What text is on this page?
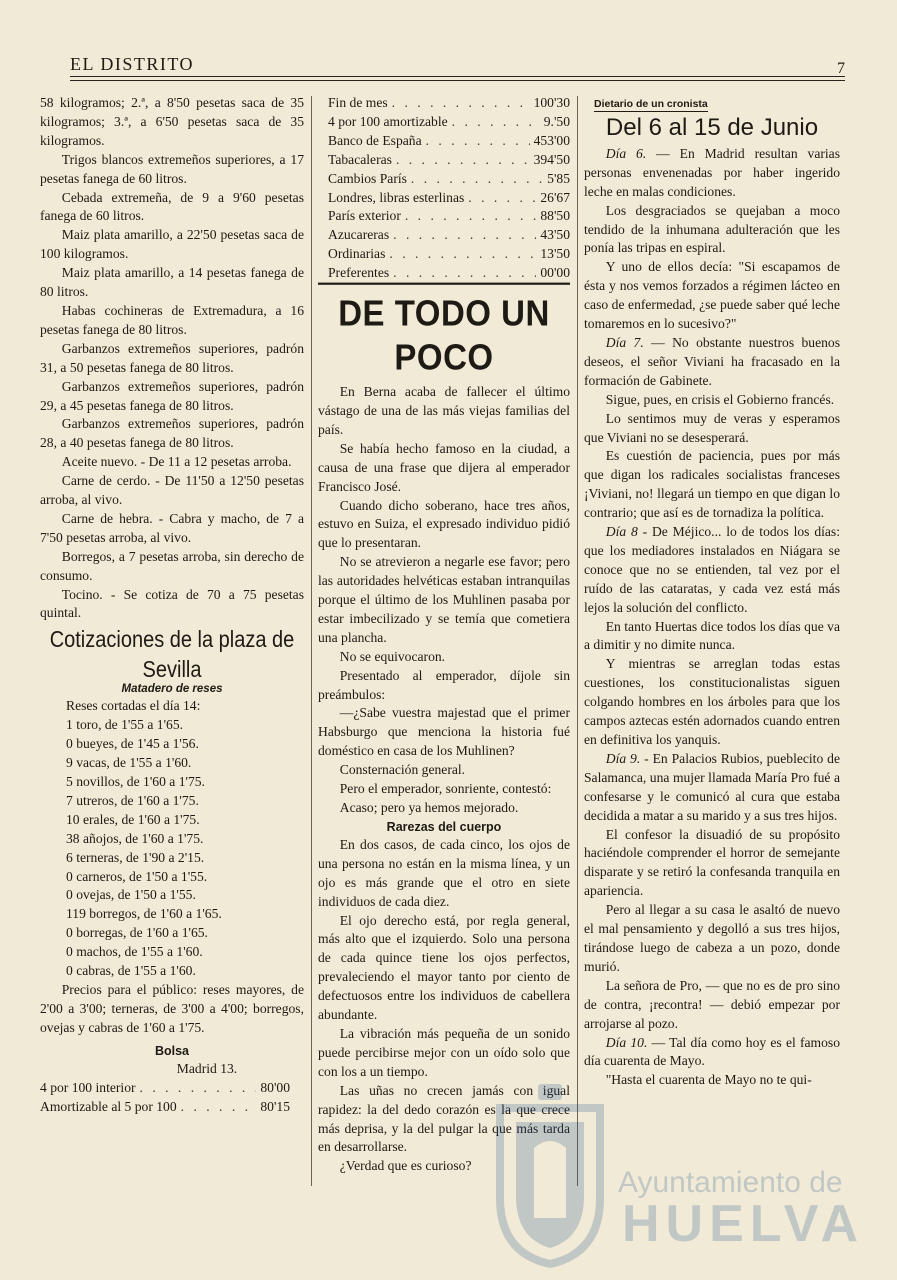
EL DISTRITO	7

58 kilogramos; 2.ª, a 8'50 pesetas saca de 35 kilogramos; 3.ª, a 6'50 pesetas saca de 35 kilogramos.

Trigos blancos extremeños superiores, a 17 pesetas fanega de 60 litros.

Cebada extremeña, de 9 a 9'60 pesetas fanega de 60 litros.

Maiz plata amarillo, a 22'50 pesetas saca de 100 kilogramos.

Maiz plata amarillo, a 14 pesetas fanega de 80 litros.

Habas cochineras de Extremadura, a 16 pesetas fanega de 80 litros.

Garbanzos extremeños superiores, padrón 31, a 50 pesetas fanega de 80 litros.

Garbanzos extremeños superiores, padrón 29, a 45 pesetas fanega de 80 litros.

Garbanzos extremeños superiores, padrón 28, a 40 pesetas fanega de 80 litros.

Aceite nuevo. - De 11 a 12 pesetas arroba.

Carne de cerdo. - De 11'50 a 12'50 pesetas arroba, al vivo.

Carne de hebra. - Cabra y macho, de 7 a 7'50 pesetas arroba, al vivo.

Borregos, a 7 pesetas arroba, sin derecho de consumo.

Tocino. - Se cotiza de 70 a 75 pesetas quintal.

Cotizaciones de la plaza de Sevilla

Matadero de reses

Reses cortadas el día 14:

1 toro, de 1'55 a 1'65.

0 bueyes, de 1'45 a 1'56.

9 vacas, de 1'55 a 1'60.

5 novillos, de 1'60 a 1'75.

7 utreros, de 1'60 a 1'75.

10 erales, de 1'60 a 1'75.

38 añojos, de 1'60 a 1'75.

6 terneras, de 1'90 a 2'15.

0 carneros, de 1'50 a 1'55.

0 ovejas, de 1'50 a 1'55.

119 borregos, de 1'60 a 1'65.

0 borregas, de 1'60 a 1'65.

0 machos, de 1'55 a 1'60.

0 cabras, de 1'55 a 1'60.

Precios para el público: reses mayores, de 2'00 a 3'00; terneras, de 3'00 a 4'00; borregos, ovejas y cabras de 1'60 a 1'75.

Bolsa

Madrid 13.

4 por 100 interior . . .	80'00
Amortizable al 5 por 100 . . .	80'15
Fin de mes . . .	100'30
4 por 100 amortizable . . .	9.'50
Banco de España . . .	453'00
Tabacaleras . . .	394'50
Cambios París . . .	5'85
Londres, libras esterlinas . . .	26'67
París exterior . . .	88'50
Azucareras . . .	43'50
Ordinarias . . .	13'50
Preferentes . . .	00'00
DE TODO UN POCO

En Berna acaba de fallecer el último vástago de una de las más viejas familias del país.

Se había hecho famoso en la ciudad, a causa de una frase que dijera al emperador Francisco José.

Cuando dicho soberano, hace tres años, estuvo en Suiza, el expresado individuo pidió que lo presentaran.

No se atrevieron a negarle ese favor; pero las autoridades helvéticas estaban intranquilas porque el último de los Muhlinen pasaba por estar imbecilizado y se temía que cometiera una plancha.

No se equivocaron.

Presentado al emperador, díjole sin preámbulos:

—¿Sabe vuestra majestad que el primer Habsburgo que menciona la historia fué doméstico en casa de los Muhlinen?

Consternación general.

Pero el emperador, sonriente, contestó:

Acaso; pero ya hemos mejorado.

Rarezas del cuerpo

En dos casos, de cada cinco, los ojos de una persona no están en la misma línea, y un ojo es más grande que el otro en siete individuos de cada diez.

El ojo derecho está, por regla general, más alto que el izquierdo. Solo una persona de cada quince tiene los ojos perfectos, prevaleciendo el mayor tanto por ciento de defectuosos entre los individuos de cabellera abundante.

La vibración más pequeña de un sonido puede percibirse mejor con un oído solo que con los a un tiempo.

Las uñas no crecen jamás con igual rapidez: la del dedo corazón es la que crece más deprisa, y la del pulgar la que más tarda en desarrollarse.

¿Verdad que es curioso?

Dietario de un cronista
Del 6 al 15 de Junio

Día 6. — En Madrid resultan varias personas envenenadas por haber ingerido leche en malas condiciones.

Los desgraciados se quejaban a moco tendido de la inhumana adulteración que les ponía las tripas en espiral.

Y uno de ellos decía: "Si escapamos de ésta y nos vemos forzados a régimen lácteo en caso de enfermedad, ¿se puede saber qué leche tomaremos en lo sucesivo?"

Día 7. — No obstante nuestros buenos deseos, el señor Viviani ha fracasado en la formación de Gabinete.

Sigue, pues, en crisis el Gobierno francés.

Lo sentimos muy de veras y esperamos que Viviani no se desesperará.

Es cuestión de paciencia, pues por más que digan los radicales socialistas franceses ¡Viviani, no! llegará un tiempo en que digan lo contrario; que así es de tornadiza la política.

Día 8 - De Méjico... lo de todos los días: que los mediadores instalados en Niágara se conoce que no se entienden, tal vez por el ruído de las cataratas, y cada vez está más lejos la solución del conflicto.

En tanto Huertas dice todos los días que va a dimitir y no dimite nunca.

Y mientras se arreglan todas estas cuestiones, los constitucionalistas siguen colgando hombres en los árboles para que los campos aztecas estén adornados cuando entren en definitiva los yanquis.

Día 9. - En Palacios Rubios, pueblecito de Salamanca, una mujer llamada María Pro fué a confesarse y le comunicó al cura que estaba decidida a matar a su marido y a sus tres hijos.

El confesor la disuadió de su propósito haciéndole comprender el horror de semejante disparate y se retiró la confesanda tranquila en apariencia.

Pero al llegar a su casa le asaltó de nuevo el mal pensamiento y degolló a sus tres hijos, tirándose luego de cabeza a un pozo, donde murió.

La señora de Pro, — que no es de pro sino de contra, ¡recontra! — debió empezar por arrojarse al pozo.

Día 10. — Tal día como hoy es el famoso día cuarenta de Mayo.

"Hasta el cuarenta de Mayo no te qui-

Ayuntamiento de
HUELVA
